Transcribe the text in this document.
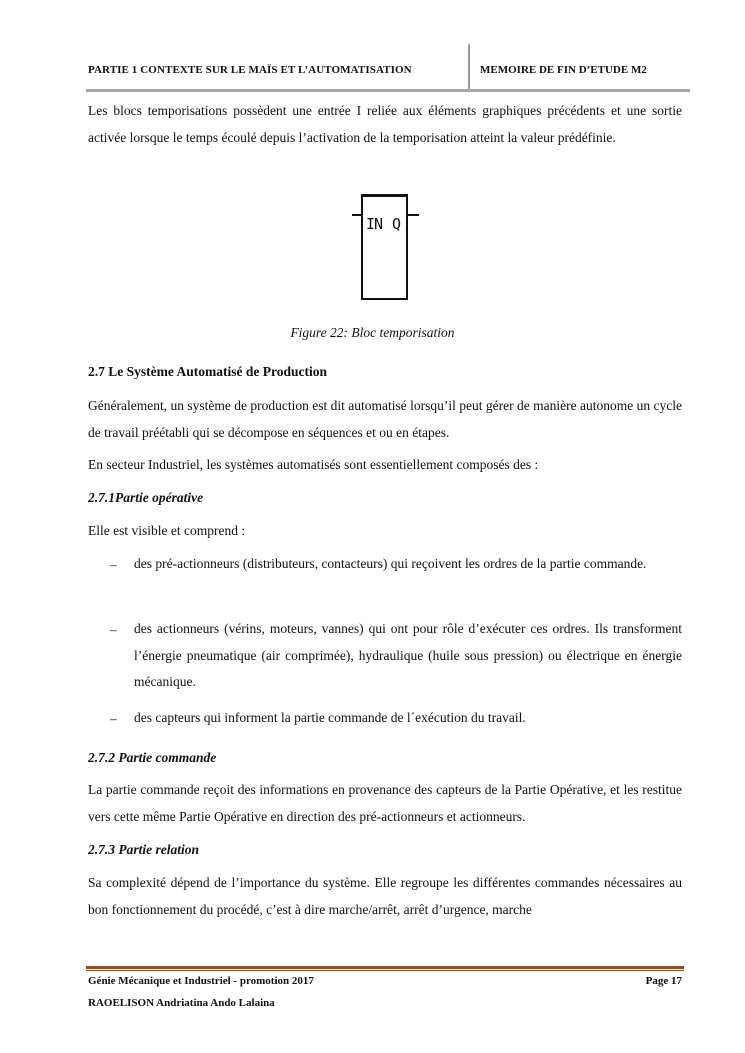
PARTIE 1 CONTEXTE SUR LE MAÏS ET L’AUTOMATISATION	MEMOIRE DE FIN D’ETUDE M2
Les blocs temporisations possèdent une entrée I reliée aux éléments graphiques précédents et une sortie activée lorsque le temps écoulé depuis l’activation de la temporisation atteint la valeur prédéfinie.
IN Q
Figure 22: Bloc temporisation
2.7 Le Système Automatisé de Production
Généralement, un système de production est dit automatisé lorsqu’il peut gérer de manière autonome un cycle de travail préétabli qui se décompose en séquences et ou en étapes.
En secteur Industriel, les systèmes automatisés sont essentiellement composés des :
2.7.1Partie opérative
Elle est visible et comprend :
– des pré-actionneurs (distributeurs, contacteurs) qui reçoivent les ordres de la partie commande.
– des actionneurs (vérins, moteurs, vannes) qui ont pour rôle d’exécuter ces ordres. Ils transforment l’énergie pneumatique (air comprimée), hydraulique (huile sous pression) ou électrique en énergie mécanique.
– des capteurs qui informent la partie commande de l´exécution du travail.
2.7.2 Partie commande
La partie commande reçoit des informations en provenance des capteurs de la Partie Opérative, et les restitue vers cette même Partie Opérative en direction des pré-actionneurs et actionneurs.
2.7.3 Partie relation
Sa complexité dépend de l’importance du système. Elle regroupe les différentes commandes nécessaires au bon fonctionnement du procédé, c’est à dire marche/arrêt, arrêt d’urgence, marche
Génie Mécanique et Industriel - promotion 2017	Page 17
RAOELISON Andriatina Ando Lalaina
